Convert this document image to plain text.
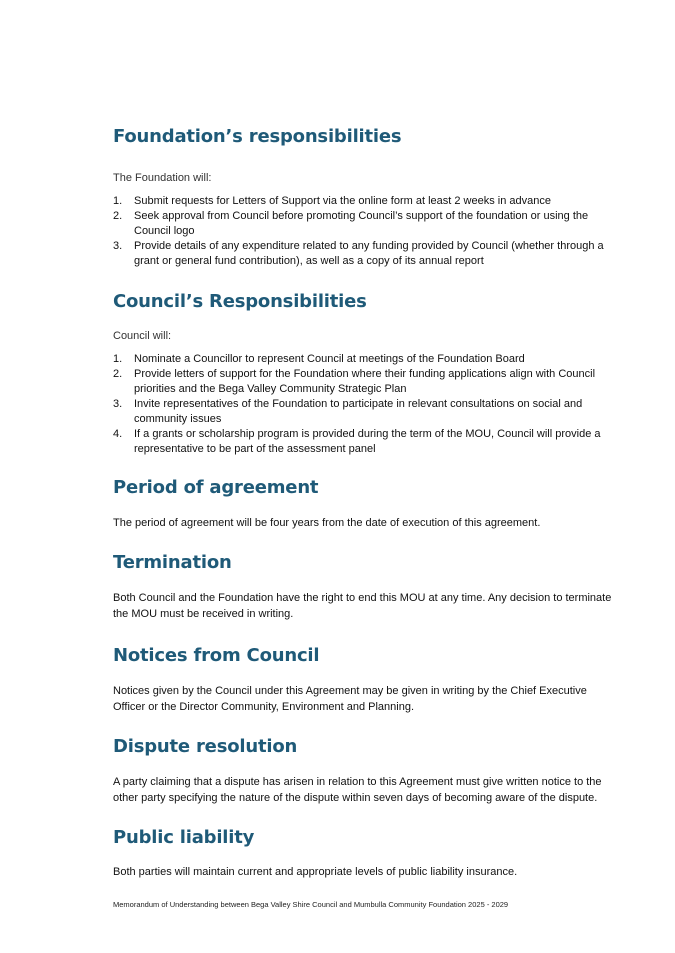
Foundation’s responsibilities

The Foundation will:

1. Submit requests for Letters of Support via the online form at least 2 weeks in advance
2. Seek approval from Council before promoting Council’s support of the foundation or using the Council logo
3. Provide details of any expenditure related to any funding provided by Council (whether through a grant or general fund contribution), as well as a copy of its annual report
Council’s Responsibilities

Council will:

1. Nominate a Councillor to represent Council at meetings of the Foundation Board
2. Provide letters of support for the Foundation where their funding applications align with Council priorities and the Bega Valley Community Strategic Plan
3. Invite representatives of the Foundation to participate in relevant consultations on social and community issues
4. If a grants or scholarship program is provided during the term of the MOU, Council will provide a representative to be part of the assessment panel
Period of agreement

The period of agreement will be four years from the date of execution of this agreement.

Termination

Both Council and the Foundation have the right to end this MOU at any time. Any decision to terminate the MOU must be received in writing.

Notices from Council

Notices given by the Council under this Agreement may be given in writing by the Chief Executive Officer or the Director Community, Environment and Planning.

Dispute resolution

A party claiming that a dispute has arisen in relation to this Agreement must give written notice to the other party specifying the nature of the dispute within seven days of becoming aware of the dispute.

Public liability

Both parties will maintain current and appropriate levels of public liability insurance.

Memorandum of Understanding between Bega Valley Shire Council and Mumbulla Community Foundation 2025 - 2029
